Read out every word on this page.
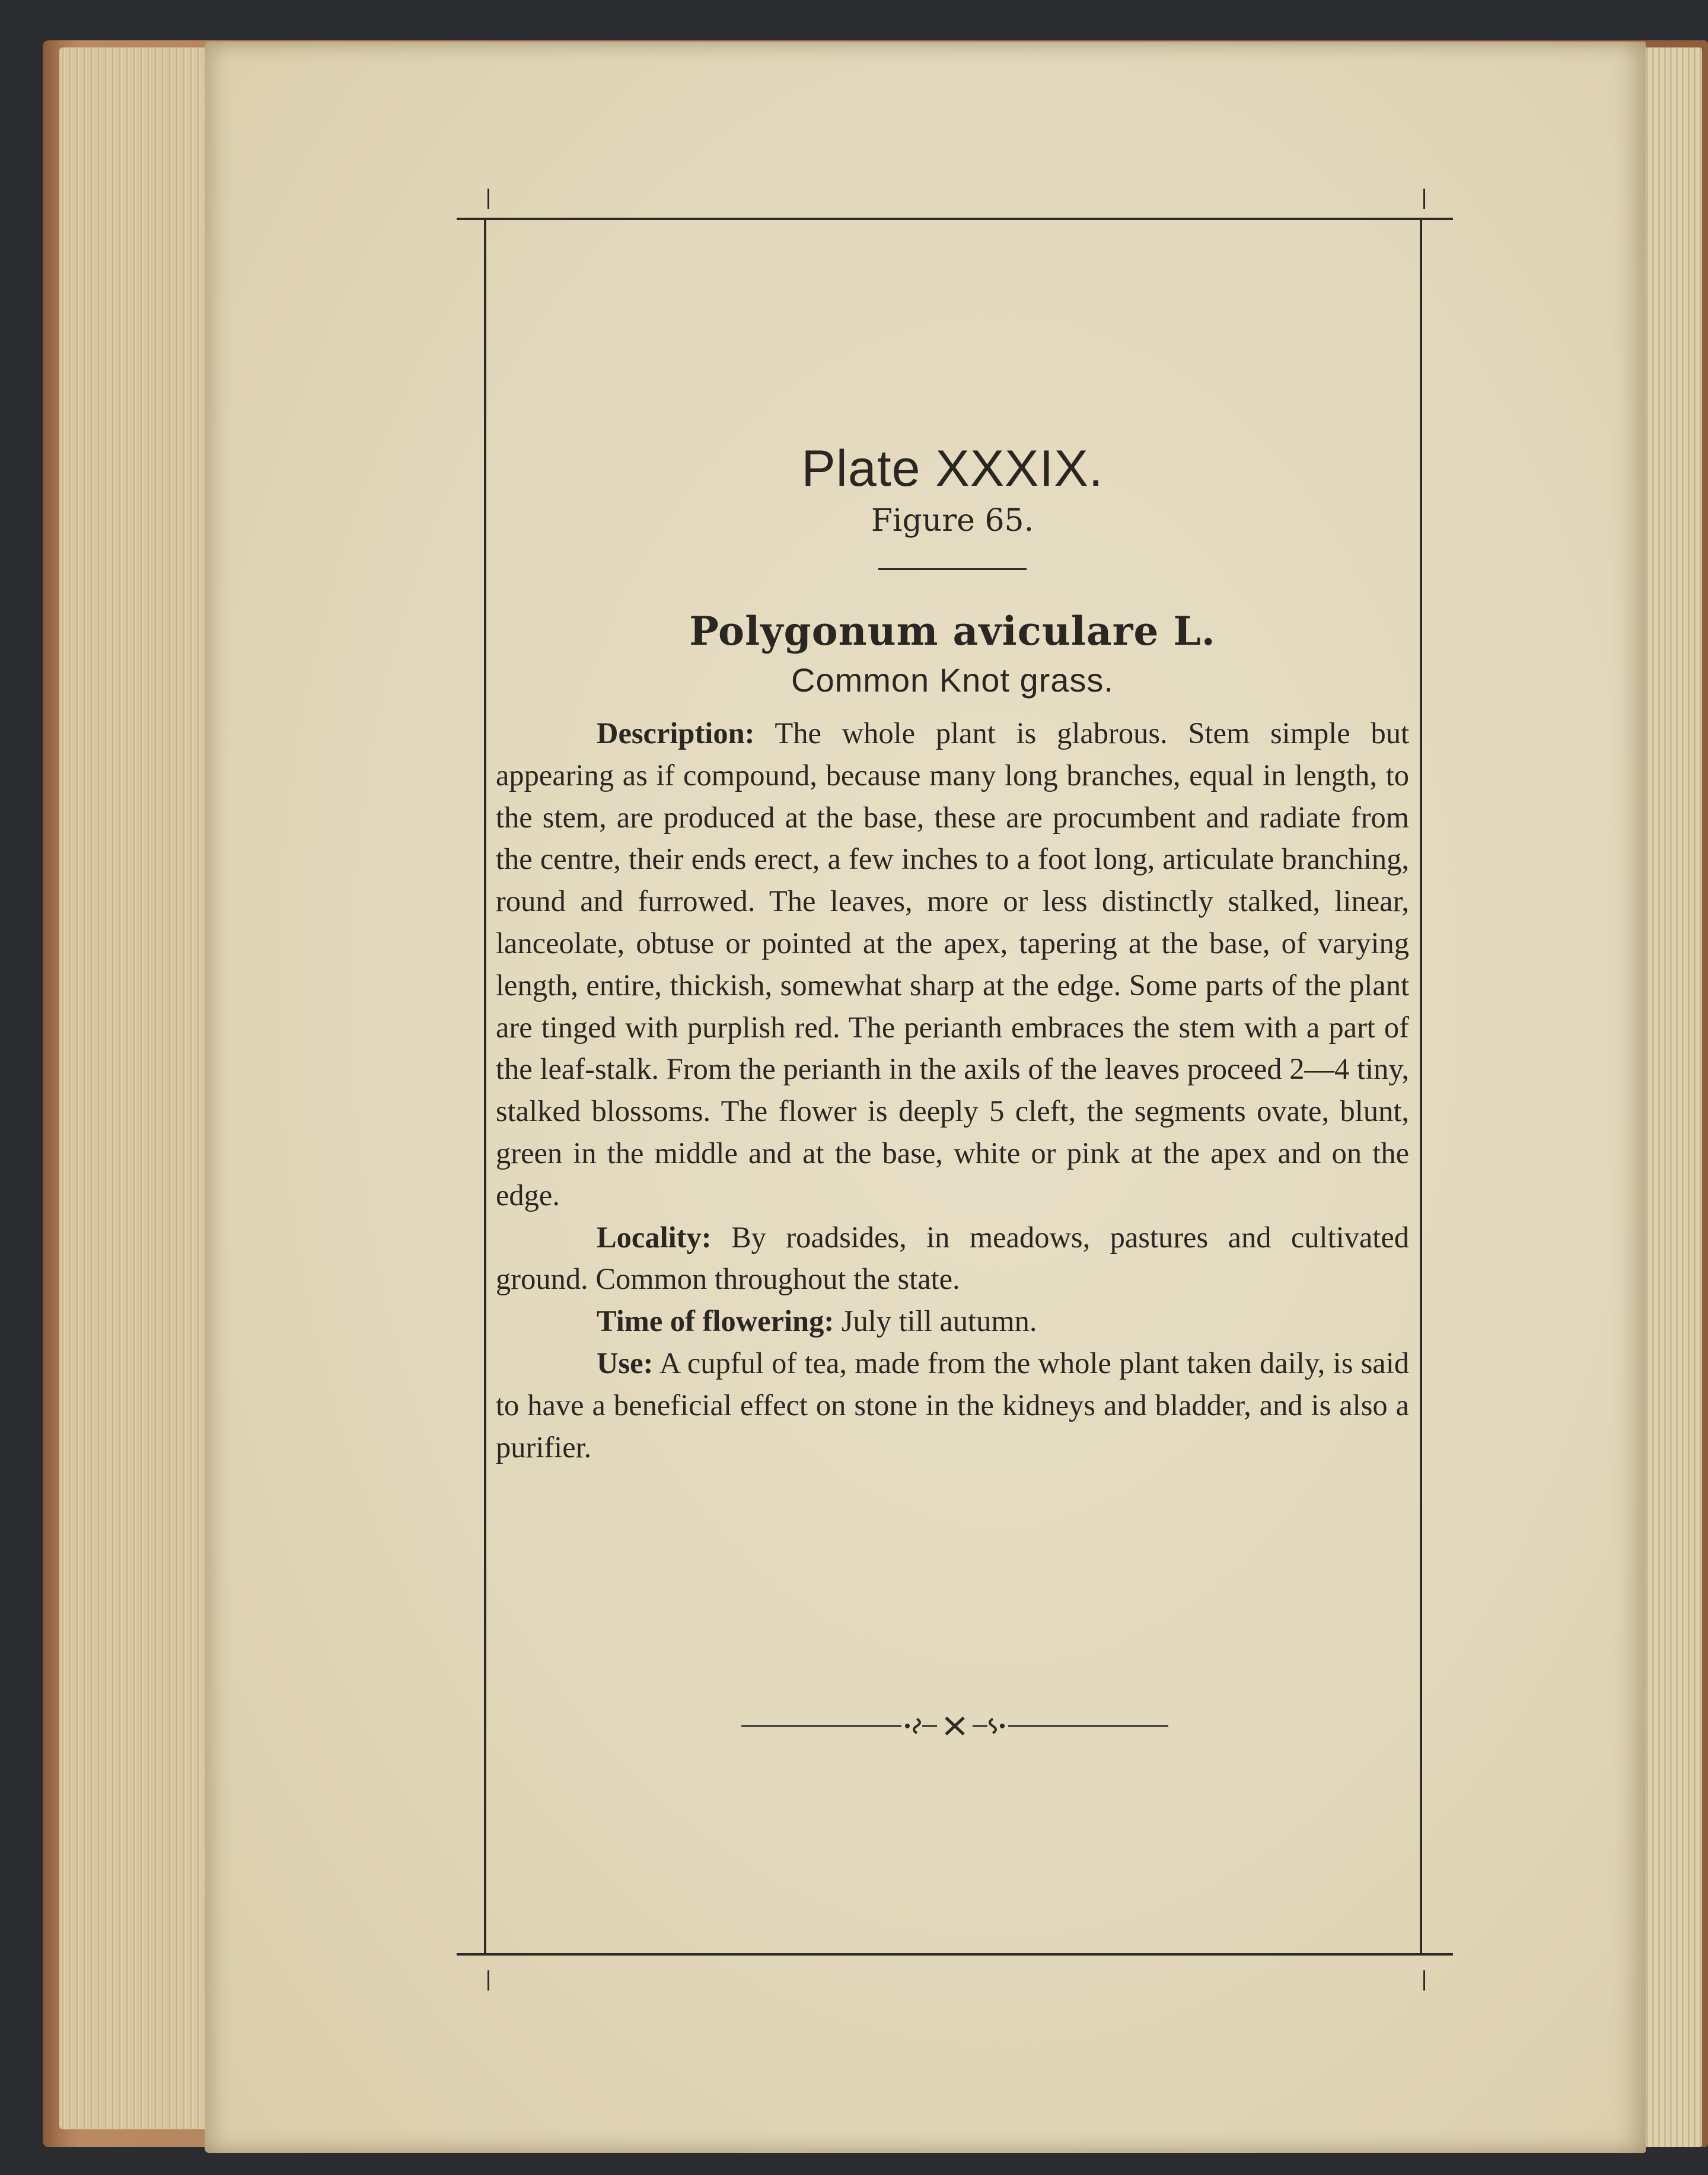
Plate XXXIX.
Figure 65.
Polygonum aviculare L.
Common Knot grass.

Description: The whole plant is glabrous. Stem simple but appearing as if compound, because many long branches, equal in length, to the stem, are produced at the base, these are procumbent and radiate from the centre, their ends erect, a few inches to a foot long, articulate branching, round and furrowed. The leaves, more or less distinctly stalked, linear, lanceolate, obtuse or pointed at the apex, tapering at the base, of varying length, entire, thickish, somewhat sharp at the edge. Some parts of the plant are tinged with purplish red. The perianth embraces the stem with a part of the leaf-stalk. From the perianth in the axils of the leaves proceed 2—4 tiny, stalked blossoms. The flower is deeply 5 cleft, the segments ovate, blunt, green in the middle and at the base, white or pink at the apex and on the edge.

Locality: By roadsides, in meadows, pastures and cultivated ground. Common throughout the state.

Time of flowering: July till autumn.

Use: A cupful of tea, made from the whole plant taken daily, is said to have a beneficial effect on stone in the kidneys and bladder, and is also a purifier.
